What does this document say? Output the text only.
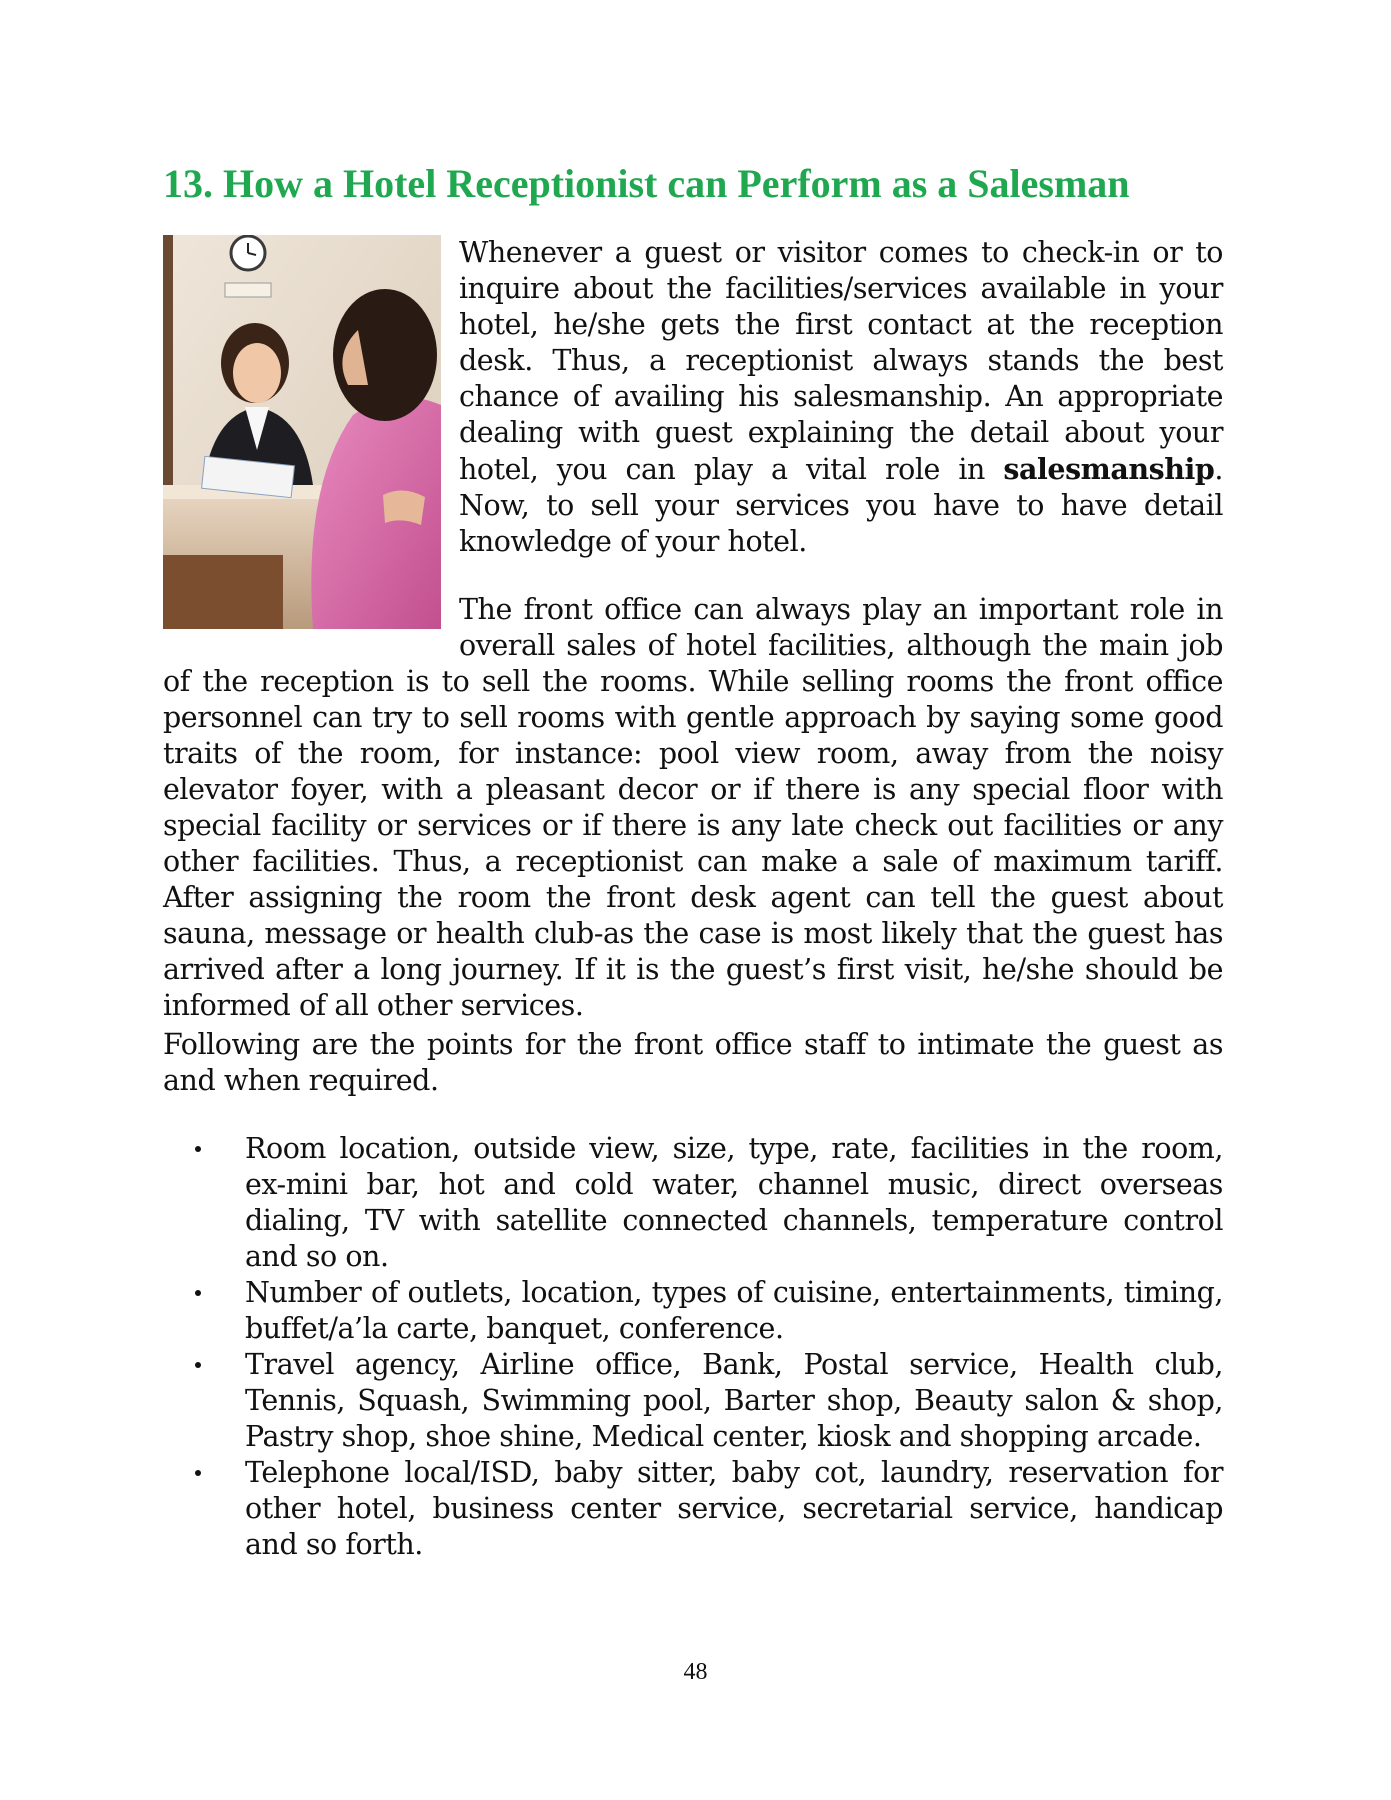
13. How a Hotel Receptionist can Perform as a Salesman

Whenever a guest or visitor comes to check-in or to inquire about the facilities/services available in your hotel, he/she gets the first contact at the reception desk. Thus, a receptionist always stands the best chance of availing his salesmanship. An appropriate dealing with guest explaining the detail about your hotel, you can play a vital role in salesmanship. Now, to sell your services you have to have detail knowledge of your hotel.

The front office can always play an important role in overall sales of hotel facilities, although the main job of the reception is to sell the rooms. While selling rooms the front office personnel can try to sell rooms with gentle approach by saying some good traits of the room, for instance: pool view room, away from the noisy elevator foyer, with a pleasant decor or if there is any special floor with special facility or services or if there is any late check out facilities or any other facilities. Thus, a receptionist can make a sale of maximum tariff. After assigning the room the front desk agent can tell the guest about sauna, message or health club-as the case is most likely that the guest has arrived after a long journey. If it is the guest’s first visit, he/she should be informed of all other services.

Following are the points for the front office staff to intimate the guest as and when required.

Room location, outside view, size, type, rate, facilities in the room, ex-mini bar, hot and cold water, channel music, direct overseas dialing, TV with satellite connected channels, temperature control and so on.
Number of outlets, location, types of cuisine, entertainments, timing, buffet/a’la carte, banquet, conference.
Travel agency, Airline office, Bank, Postal service, Health club, Tennis, Squash, Swimming pool, Barter shop, Beauty salon & shop, Pastry shop, shoe shine, Medical center, kiosk and shopping arcade.
Telephone local/ISD, baby sitter, baby cot, laundry, reservation for other hotel, business center service, secretarial service, handicap and so forth.
48
